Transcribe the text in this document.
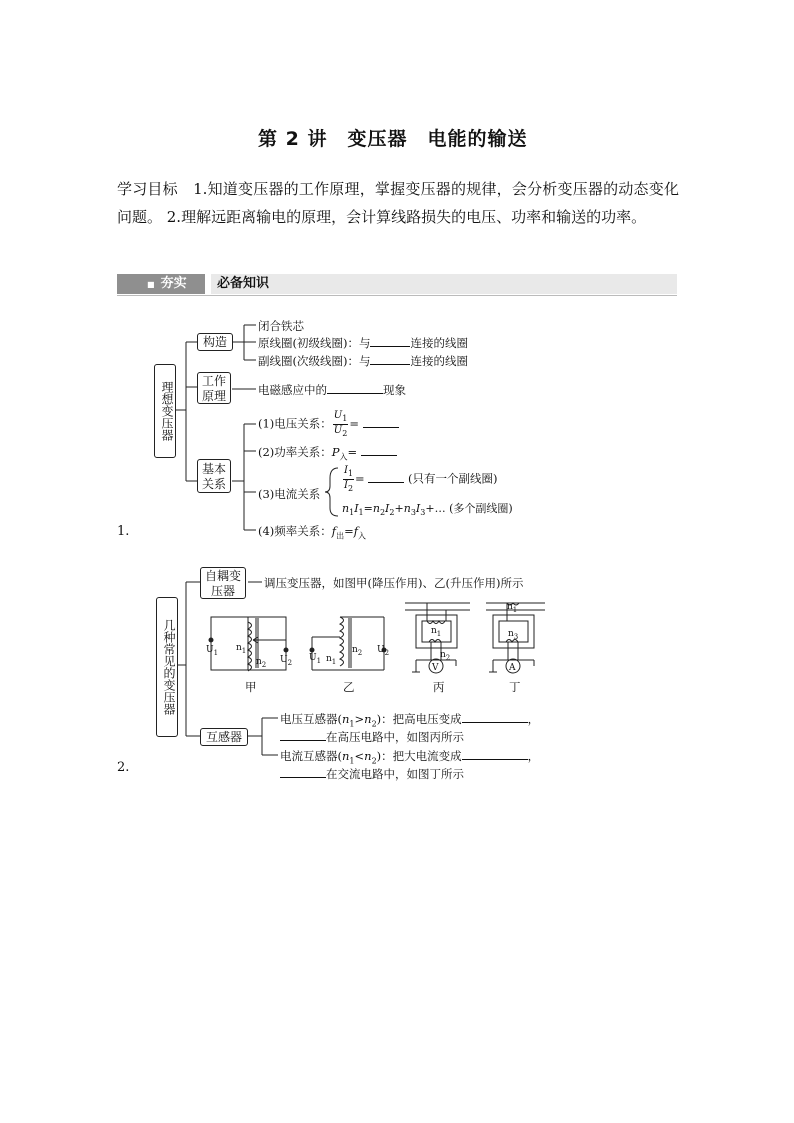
第 2 讲　变压器　电能的输送
学习目标　1.知道变压器的工作原理，掌握变压器的规律，会分析变压器的动态变化问题。 2.理解远距离输电的原理，会计算线路损失的电压、功率和输送的功率。
■ 夯实	必备知识
1.
理想变压器
构造
闭合铁芯
原线圈(初级线圈)：与	连接的线圈
副线圈(次级线圈)：与	连接的线圈
工作原理	电磁感应中的	现象
基本关系
(1)电压关系： $\frac{U_1}{U_2}$ =
(2)功率关系：$P_入=$
(3)电流关系 $\frac{I_1}{I_2}$ =	(只有一个副线圈)
$n_1I_1=n_2I_2+n_3I_3+\dots$ (多个副线圈)
(4)频率关系：$f_出=f_入$
2.
几种常见的变压器
自耦变压器
调压变压器，如图甲(降压作用)、乙(升压作用)所示
$U_1$ $n_1$
$n_2$ $U_2$ $U_1$ $n_1$
$n_2$ $U_2$
$n_1$
$n_2$
V
$n_1$
$n_3$
A
甲	乙	丙	丁
互感器
电压互感器$(n_1>n_2)$：把高电压变成	，
在高压电路中，如图丙所示
电流互感器$(n_1<n_2)$：把大电流变成	，
在交流电路中，如图丁所示
